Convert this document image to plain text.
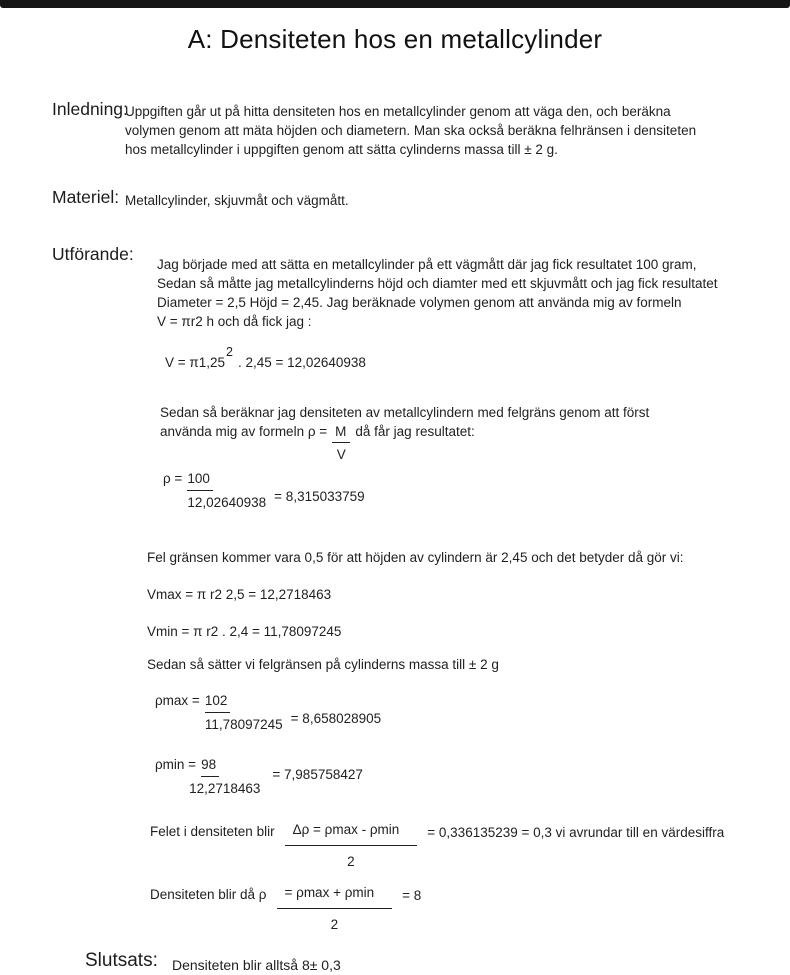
A: Densiteten hos en metallcylinder
Inledning:
Uppgiften går ut på hitta densiteten hos en metallcylinder genom att väga den, och beräkna
volymen genom att mäta höjden och diametern. Man ska också beräkna felhränsen i densiteten
hos metallcylinder i uppgiften genom att sätta cylinderns massa till ± 2 g.
Materiel: Metallcylinder, skjuvmåt och vägmått.
Utförande:
Jag började med att sätta en metallcylinder på ett vägmått där jag fick resultatet 100 gram,
Sedan så måtte jag metallcylinderns höjd och diamter med ett skjuvmått och jag fick resultatet
Diameter = 2,5 Höjd = 2,45. Jag beräknade volymen genom att använda mig av formeln
V = πr2 h och då fick jag :
V = π1,252. 2,45 = 12,02640938
Sedan så beräknar jag densiteten av metallcylindern med felgräns genom att först
använda mig av formeln $\rho = \frac{M}{V}$ då får jag resultatet:
$\rho = \frac{100}{12,02640938} = 8,315033759$
Fel gränsen kommer vara 0,5 för att höjden av cylindern är 2,45 och det betyder då gör vi:
Vmax = π r2 2,5 = 12,2718463
Vmin = π r2 . 2,4 = 11,78097245
Sedan så sätter vi felgränsen på cylinderns massa till ± 2 g
$\rho\max = \frac{102}{11,78097245} = 8,658028905$
$\rho\min = \frac{98}{12,2718463} = 7,985758427$
Felet i densiteten blir $\frac{\Delta\rho = \rho\max - \rho\min}{2} = 0,336135239 = 0,3$ vi avrundar till en värdesiffra
Densiteten blir då ρ $\frac{= \rho\max + \rho\min}{2} = 8$
Slutsats:	Densiteten blir alltså 8± 0,3
